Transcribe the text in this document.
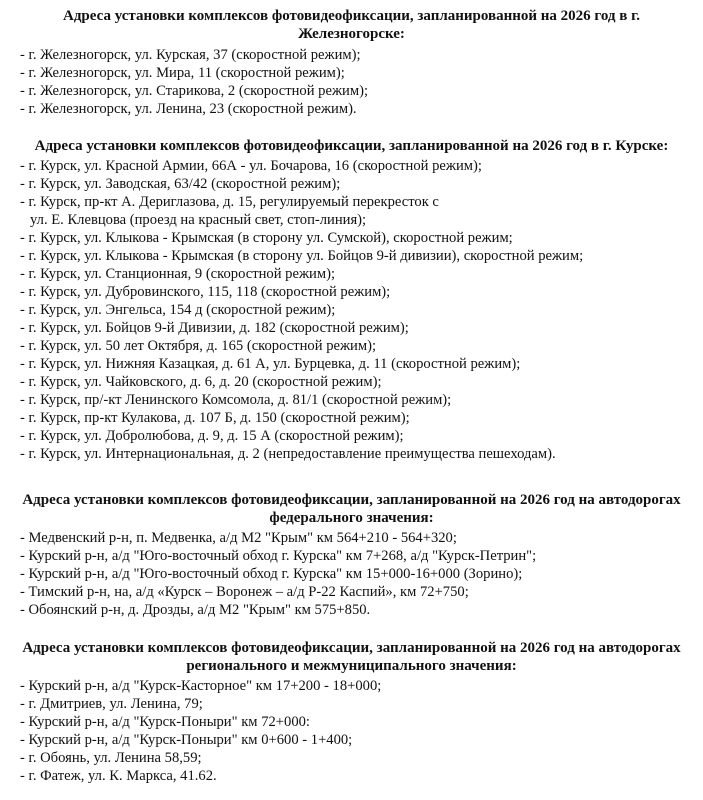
Адреса установки комплексов фотовидеофиксации, запланированной на 2026 год в г. Железногорске:
- г. Железногорск, ул. Курская, 37 (скоростной режим);
- г. Железногорск, ул. Мира, 11 (скоростной режим);
- г. Железногорск, ул. Старикова, 2 (скоростной режим);
- г. Железногорск, ул. Ленина, 23 (скоростной режим).
Адреса установки комплексов фотовидеофиксации, запланированной на 2026 год в г. Курске:
- г. Курск, ул. Красной Армии, 66А - ул. Бочарова, 16 (скоростной режим);
- г. Курск, ул. Заводская, 63/42 (скоростной режим);
- г. Курск, пр-кт А. Дериглазова, д. 15, регулируемый перекресток с
ул. Е. Клевцова (проезд на красный свет, стоп-линия);
- г. Курск, ул. Клыкова - Крымская (в сторону ул. Сумской), скоростной режим;
- г. Курск, ул. Клыкова - Крымская (в сторону ул. Бойцов 9-й дивизии), скоростной режим;
- г. Курск, ул. Станционная, 9 (скоростной режим);
- г. Курск, ул. Дубровинского, 115, 118 (скоростной режим);
- г. Курск, ул. Энгельса, 154 д (скоростной режим);
- г. Курск, ул. Бойцов 9-й Дивизии, д. 182 (скоростной режим);
- г. Курск, ул. 50 лет Октября, д. 165 (скоростной режим);
- г. Курск, ул. Нижняя Казацкая, д. 61 А, ул. Бурцевка, д. 11 (скоростной режим);
- г. Курск, ул. Чайковского, д. 6, д. 20 (скоростной режим);
- г. Курск, пр/-кт Ленинского Комсомола, д. 81/1 (скоростной режим);
- г. Курск, пр-кт Кулакова, д. 107 Б, д. 150 (скоростной режим);
- г. Курск, ул. Добролюбова, д. 9, д. 15 А (скоростной режим);
- г. Курск, ул. Интернациональная, д. 2 (непредоставление преимущества пешеходам).
Адреса установки комплексов фотовидеофиксации, запланированной на 2026 год на автодорогах федерального значения:
- Медвенский р-н, п. Медвенка, а/д М2 "Крым" км 564+210 - 564+320;
- Курский р-н, а/д "Юго-восточный обход г. Курска" км 7+268, а/д "Курск-Петрин";
- Курский р-н, а/д "Юго-восточный обход г. Курска" км 15+000-16+000 (Зорино);
- Тимский р-н, на, а/д «Курск – Воронеж – а/д Р-22 Каспий», км 72+750;
- Обоянский р-н, д. Дрозды, а/д М2 "Крым" км 575+850.
Адреса установки комплексов фотовидеофиксации, запланированной на 2026 год на автодорогах регионального и межмуниципального значения:
- Курский р-н, а/д "Курск-Касторное" км 17+200 - 18+000;
- г. Дмитриев, ул. Ленина, 79;
- Курский р-н, а/д "Курск-Поныри" км 72+000:
- Курский р-н, а/д "Курск-Поныри" км 0+600 - 1+400;
- г. Обоянь, ул. Ленина 58,59;
- г. Фатеж, ул. К. Маркса, 41.62.
